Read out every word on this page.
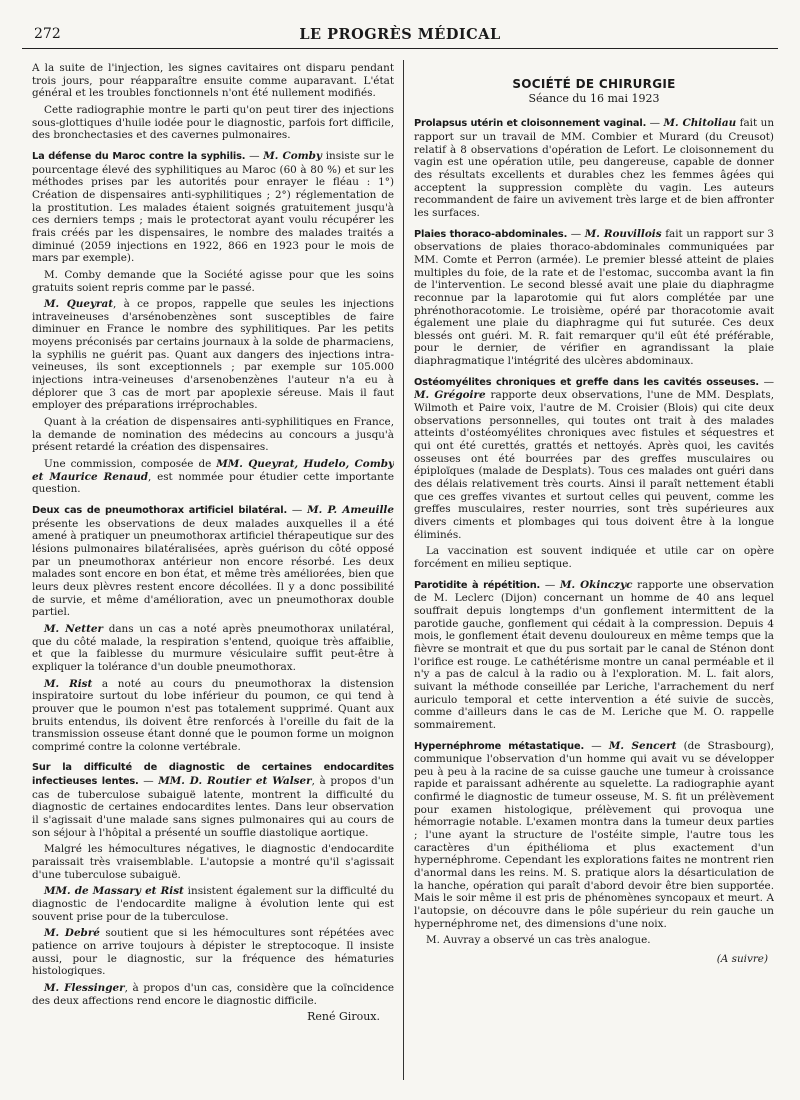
272	LE PROGRÈS MÉDICAL

A la suite de l'injection, les signes cavitaires ont disparu pendant trois jours, pour réapparaître ensuite comme auparavant. L'état général et les troubles fonctionnels n'ont été nullement modifiés.

Cette radiographie montre le parti qu'on peut tirer des injections sous-glottiques d'huile iodée pour le diagnostic, parfois fort difficile, des bronchectasies et des cavernes pulmonaires.

La défense du Maroc contre la syphilis. — M. Comby insiste sur le pourcentage élevé des syphilitiques au Maroc (60 à 80 %) et sur les méthodes prises par les autorités pour enrayer le fléau : 1°) Création de dispensaires anti-syphilitiques ; 2°) réglementation de la prostitution. Les malades étaient soignés gratuitement jusqu'à ces derniers temps ; mais le protectorat ayant voulu récupérer les frais créés par les dispensaires, le nombre des malades traités a diminué (2059 injections en 1922, 866 en 1923 pour le mois de mars par exemple).

M. Comby demande que la Société agisse pour que les soins gratuits soient repris comme par le passé.

M. Queyrat, à ce propos, rappelle que seules les injections intraveineuses d'arsénobenzènes sont susceptibles de faire diminuer en France le nombre des syphilitiques. Par les petits moyens préconisés par certains journaux à la solde de pharmaciens, la syphilis ne guérit pas. Quant aux dangers des injections intra-veineuses, ils sont exceptionnels ; par exemple sur 105.000 injections intra-veineuses d'arsenobenzènes l'auteur n'a eu à déplorer que 3 cas de mort par apoplexie séreuse. Mais il faut employer des préparations irréprochables.

Quant à la création de dispensaires anti-syphilitiques en France, la demande de nomination des médecins au concours a jusqu'à présent retardé la création des dispensaires.

Une commission, composée de MM. Queyrat, Hudelo, Comby et Maurice Renaud, est nommée pour étudier cette importante question.

Deux cas de pneumothorax artificiel bilatéral. — M. P. Ameuille présente les observations de deux malades auxquelles il a été amené à pratiquer un pneumothorax artificiel thérapeutique sur des lésions pulmonaires bilatéralisées, après guérison du côté opposé par un pneumothorax antérieur non encore résorbé. Les deux malades sont encore en bon état, et même très améliorées, bien que leurs deux plèvres restent encore décollées. Il y a donc possibilité de survie, et même d'amélioration, avec un pneumothorax double partiel.

M. Netter dans un cas a noté après pneumothorax unilatéral, que du côté malade, la respiration s'entend, quoique très affaiblie, et que la faiblesse du murmure vésiculaire suffit peut-être à expliquer la tolérance d'un double pneumothorax.

M. Rist a noté au cours du pneumothorax la distension inspiratoire surtout du lobe inférieur du poumon, ce qui tend à prouver que le poumon n'est pas totalement supprimé. Quant aux bruits entendus, ils doivent être renforcés à l'oreille du fait de la transmission osseuse étant donné que le poumon forme un moignon comprimé contre la colonne vertébrale.

Sur la difficulté de diagnostic de certaines endocardites infectieuses lentes. — MM. D. Routier et Walser, à propos d'un cas de tuberculose subaiguë latente, montrent la difficulté du diagnostic de certaines endocardites lentes. Dans leur observation il s'agissait d'une malade sans signes pulmonaires qui au cours de son séjour à l'hôpital a présenté un souffle diastolique aortique.

Malgré les hémocultures négatives, le diagnostic d'endocardite paraissait très vraisemblable. L'autopsie a montré qu'il s'agissait d'une tuberculose subaiguë.

MM. de Massary et Rist insistent également sur la difficulté du diagnostic de l'endocardite maligne à évolution lente qui est souvent prise pour de la tuberculose.

M. Debré soutient que si les hémocultures sont répétées avec patience on arrive toujours à dépister le streptocoque. Il insiste aussi, pour le diagnostic, sur la fréquence des hématuries histologiques.

M. Flessinger, à propos d'un cas, considère que la coïncidence des deux affections rend encore le diagnostic difficile.

René Giroux.
SOCIÉTÉ DE CHIRURGIE
Séance du 16 mai 1923

Prolapsus utérin et cloisonnement vaginal. — M. Chitoliau fait un rapport sur un travail de MM. Combier et Murard (du Creusot) relatif à 8 observations d'opération de Lefort. Le cloisonnement du vagin est une opération utile, peu dangereuse, capable de donner des résultats excellents et durables chez les femmes âgées qui acceptent la suppression complète du vagin. Les auteurs recommandent de faire un avivement très large et de bien affronter les surfaces.

Plaies thoraco-abdominales. — M. Rouvillois fait un rapport sur 3 observations de plaies thoraco-abdominales communiquées par MM. Comte et Perron (armée). Le premier blessé atteint de plaies multiples du foie, de la rate et de l'estomac, succomba avant la fin de l'intervention. Le second blessé avait une plaie du diaphragme reconnue par la laparotomie qui fut alors complétée par une phrénothoracotomie. Le troisième, opéré par thoracotomie avait également une plaie du diaphragme qui fut suturée. Ces deux blessés ont guéri. M. R. fait remarquer qu'il eût été préférable, pour le dernier, de vérifier en agrandissant la plaie diaphragmatique l'intégrité des ulcères abdominaux.

Ostéomyélites chroniques et greffe dans les cavités osseuses. — M. Grégoire rapporte deux observations, l'une de MM. Desplats, Wilmoth et Paire voix, l'autre de M. Croisier (Blois) qui cite deux observations personnelles, qui toutes ont trait à des malades atteints d'ostéomyélites chroniques avec fistules et séquestres et qui ont été curettés, grattés et nettoyés. Après quoi, les cavités osseuses ont été bourrées par des greffes musculaires ou épiploïques (malade de Desplats). Tous ces malades ont guéri dans des délais relativement très courts. Ainsi il paraît nettement établi que ces greffes vivantes et surtout celles qui peuvent, comme les greffes musculaires, rester nourries, sont très supérieures aux divers ciments et plombages qui tous doivent être à la longue éliminés.

La vaccination est souvent indiquée et utile car on opère forcément en milieu septique.

Parotidite à répétition. — M. Okinczyc rapporte une observation de M. Leclerc (Dijon) concernant un homme de 40 ans lequel souffrait depuis longtemps d'un gonflement intermittent de la parotide gauche, gonflement qui cédait à la compression. Depuis 4 mois, le gonflement était devenu douloureux en même temps que la fièvre se montrait et que du pus sortait par le canal de Sténon dont l'orifice est rouge. Le cathétérisme montre un canal perméable et il n'y a pas de calcul à la radio ou à l'exploration. M. L. fait alors, suivant la méthode conseillée par Leriche, l'arrachement du nerf auriculo temporal et cette intervention a été suivie de succès, comme d'ailleurs dans le cas de M. Leriche que M. O. rappelle sommairement.

Hypernéphrome métastatique. — M. Sencert (de Strasbourg), communique l'observation d'un homme qui avait vu se développer peu à peu à la racine de sa cuisse gauche une tumeur à croissance rapide et paraissant adhérente au squelette. La radiographie ayant confirmé le diagnostic de tumeur osseuse, M. S. fit un prélèvement pour examen histologique, prélèvement qui provoqua une hémorragie notable. L'examen montra dans la tumeur deux parties ; l'une ayant la structure de l'ostéite simple, l'autre tous les caractères d'un épithélioma et plus exactement d'un hypernéphrome. Cependant les explorations faites ne montrent rien d'anormal dans les reins. M. S. pratique alors la désarticulation de la hanche, opération qui paraît d'abord devoir être bien supportée. Mais le soir même il est pris de phénomènes syncopaux et meurt. A l'autopsie, on découvre dans le pôle supérieur du rein gauche un hypernéphrome net, des dimensions d'une noix.

M. Auvray a observé un cas très analogue.

(A suivre)
